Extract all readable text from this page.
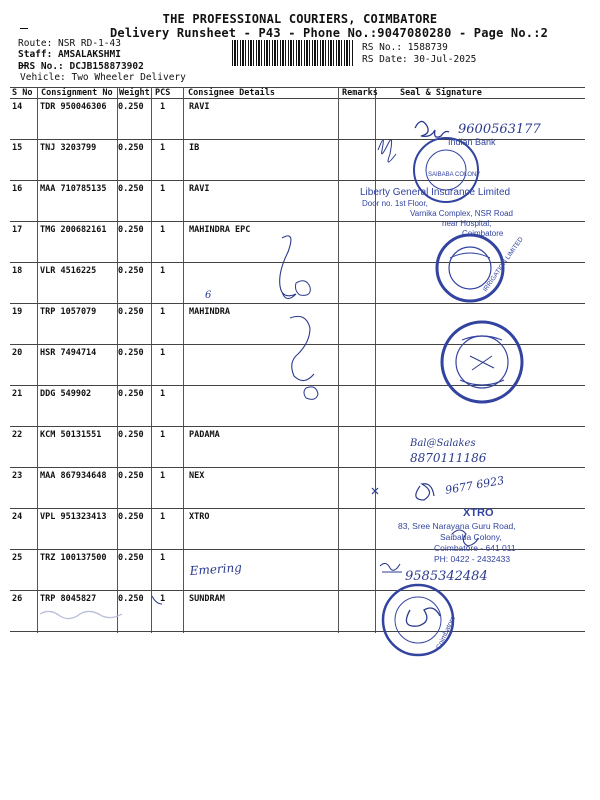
THE PROFESSIONAL COURIERS, COIMBATORE
Delivery Runsheet - P43 - Phone No.:9047080280 - Page No.:2
Route: NSR RD-1-43
Staff: AMSALAKSHMI
DRS No.: DCJB158873902
Vehicle: Two Wheeler Delivery
RS No.: 1588739
RS Date: 30-Jul-2025
S No Consignment No Weight PCS Consignee Details	Remarks	Seal & Signature
14 TDR 950046306 0.250 1	RAVI
15 TNJ 3203799	0.250 1	IB
16 MAA 710785135 0.250 1	RAVI
17 TMG 200682161 0.250 1	MAHINDRA EPC
18 VLR 4516225	0.250 1
19 TRP 1057079	0.250 1	MAHINDRA
20 HSR 7494714	0.250 1
21 DDG 549902	0.250 1
22 KCM 50131551 0.250 1	PADAMA
23 MAA 867934648 0.250 1	NEX
24 VPL 951323413 0.250 1	XTRO
25 TRZ 100137500 0.250 1
26 TRP 8045827	0.250 1	SUNDRAM
9600563177
Indian Bank
SAIBABA COLONY
Liberty General Insurance Limited
Door no. 1st Floor,
Varnika Complex, NSR Road
near Hospital,
Coimbatore
IRRIGATION LIMITED
6
Bal@Salakes
8870111186
9677 6923
XTRO
83, Sree Narayana Guru Road,
Saibaba Colony,
Coimbatore - 641 011
PH: 0422 - 2432433
Emering	9585342484
Coimbatore
